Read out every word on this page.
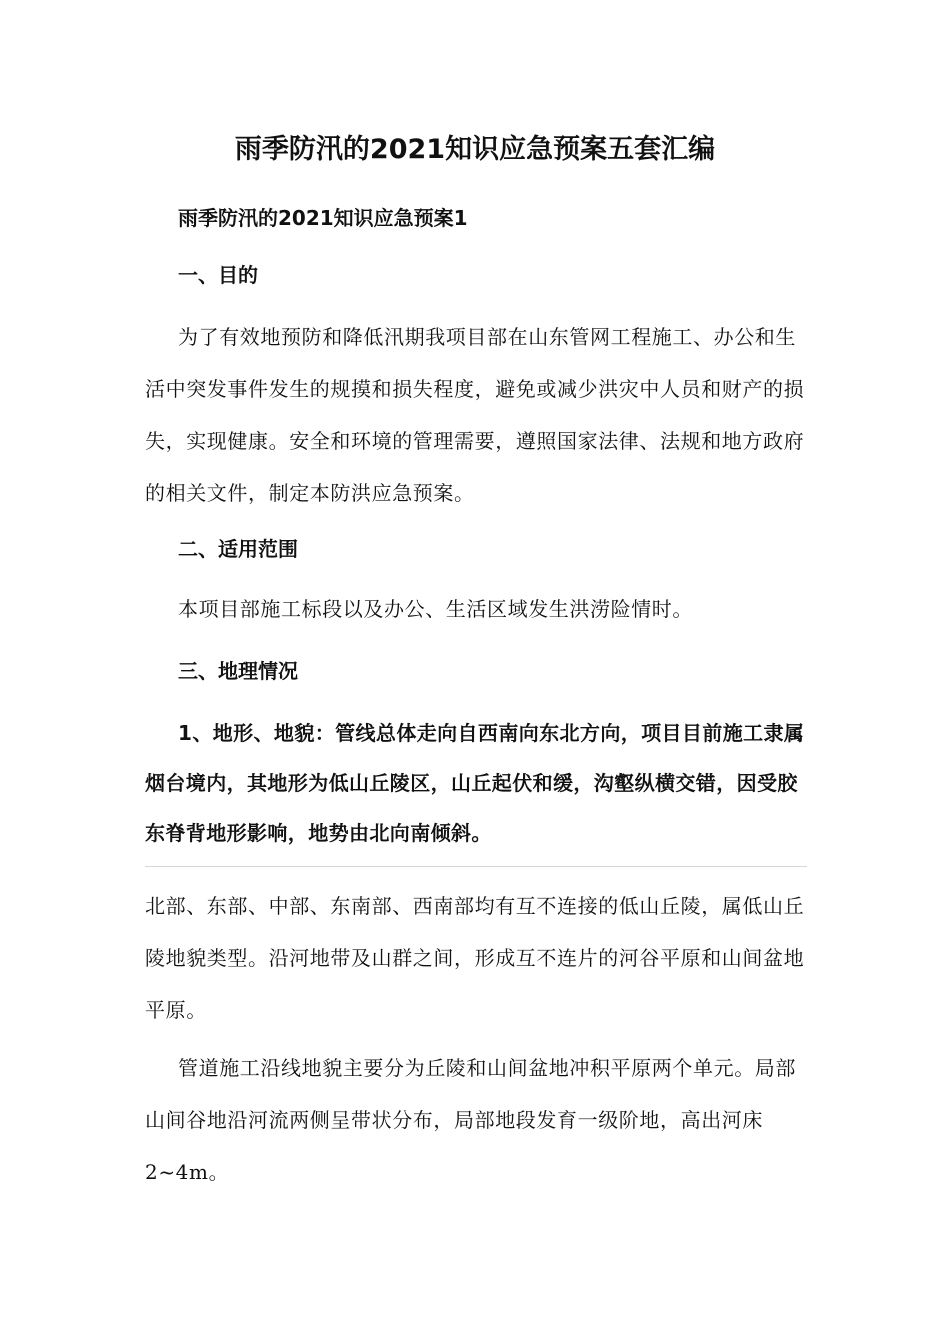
雨季防汛的2021知识应急预案五套汇编
雨季防汛的2021知识应急预案1
一、目的

为了有效地预防和降低汛期我项目部在山东管网工程施工、办公和生活中突发事件发生的规摸和损失程度，避免或减少洪灾中人员和财产的损失，实现健康。安全和环境的管理需要，遵照国家法律、法规和地方政府的相关文件，制定本防洪应急预案。

二、适用范围

本项目部施工标段以及办公、生活区域发生洪涝险情时。

三、地理情况

1、地形、地貌：管线总体走向自西南向东北方向，项目目前施工隶属烟台境内，其地形为低山丘陵区，山丘起伏和缓，沟壑纵横交错，因受胶东脊背地形影响，地势由北向南倾斜。

北部、东部、中部、东南部、西南部均有互不连接的低山丘陵，属低山丘陵地貌类型。沿河地带及山群之间，形成互不连片的河谷平原和山间盆地平原。

管道施工沿线地貌主要分为丘陵和山间盆地冲积平原两个单元。局部山间谷地沿河流两侧呈带状分布，局部地段发育一级阶地，高出河床2~4m。
